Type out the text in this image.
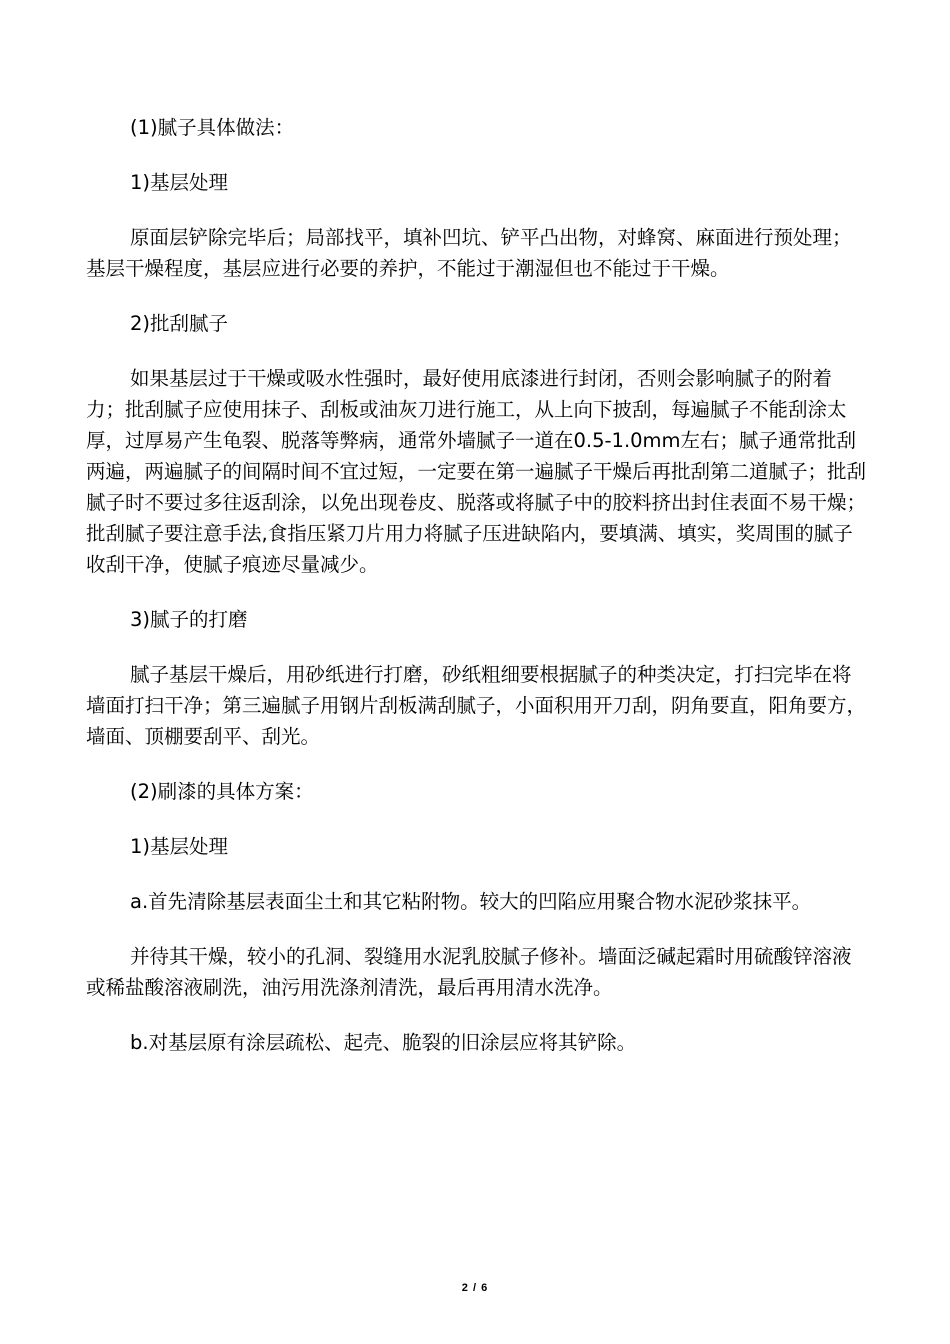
(1)腻子具体做法：

1)基层处理

原面层铲除完毕后；局部找平，填补凹坑、铲平凸出物，对蜂窝、麻面进行预处理；基层干燥程度，基层应进行必要的养护，不能过于潮湿但也不能过于干燥。

2)批刮腻子

如果基层过于干燥或吸水性强时，最好使用底漆进行封闭，否则会影响腻子的附着力；批刮腻子应使用抹子、刮板或油灰刀进行施工，从上向下披刮，每遍腻子不能刮涂太厚，过厚易产生龟裂、脱落等弊病，通常外墙腻子一道在0.5-1.0mm左右；腻子通常批刮两遍，两遍腻子的间隔时间不宜过短，一定要在第一遍腻子干燥后再批刮第二道腻子；批刮腻子时不要过多往返刮涂，以免出现卷皮、脱落或将腻子中的胶料挤出封住表面不易干燥；批刮腻子要注意手法,食指压紧刀片用力将腻子压进缺陷内，要填满、填实，奖周围的腻子收刮干净，使腻子痕迹尽量减少。

3)腻子的打磨

腻子基层干燥后，用砂纸进行打磨，砂纸粗细要根据腻子的种类决定，打扫完毕在将墙面打扫干净；第三遍腻子用钢片刮板满刮腻子，小面积用开刀刮，阴角要直，阳角要方，墙面、顶棚要刮平、刮光。

(2)刷漆的具体方案：

1)基层处理

a.首先清除基层表面尘土和其它粘附物。较大的凹陷应用聚合物水泥砂浆抹平。

并待其干燥，较小的孔洞、裂缝用水泥乳胶腻子修补。墙面泛碱起霜时用硫酸锌溶液或稀盐酸溶液刷洗，油污用洗涤剂清洗，最后再用清水洗净。

b.对基层原有涂层疏松、起壳、脆裂的旧涂层应将其铲除。

2 / 6
